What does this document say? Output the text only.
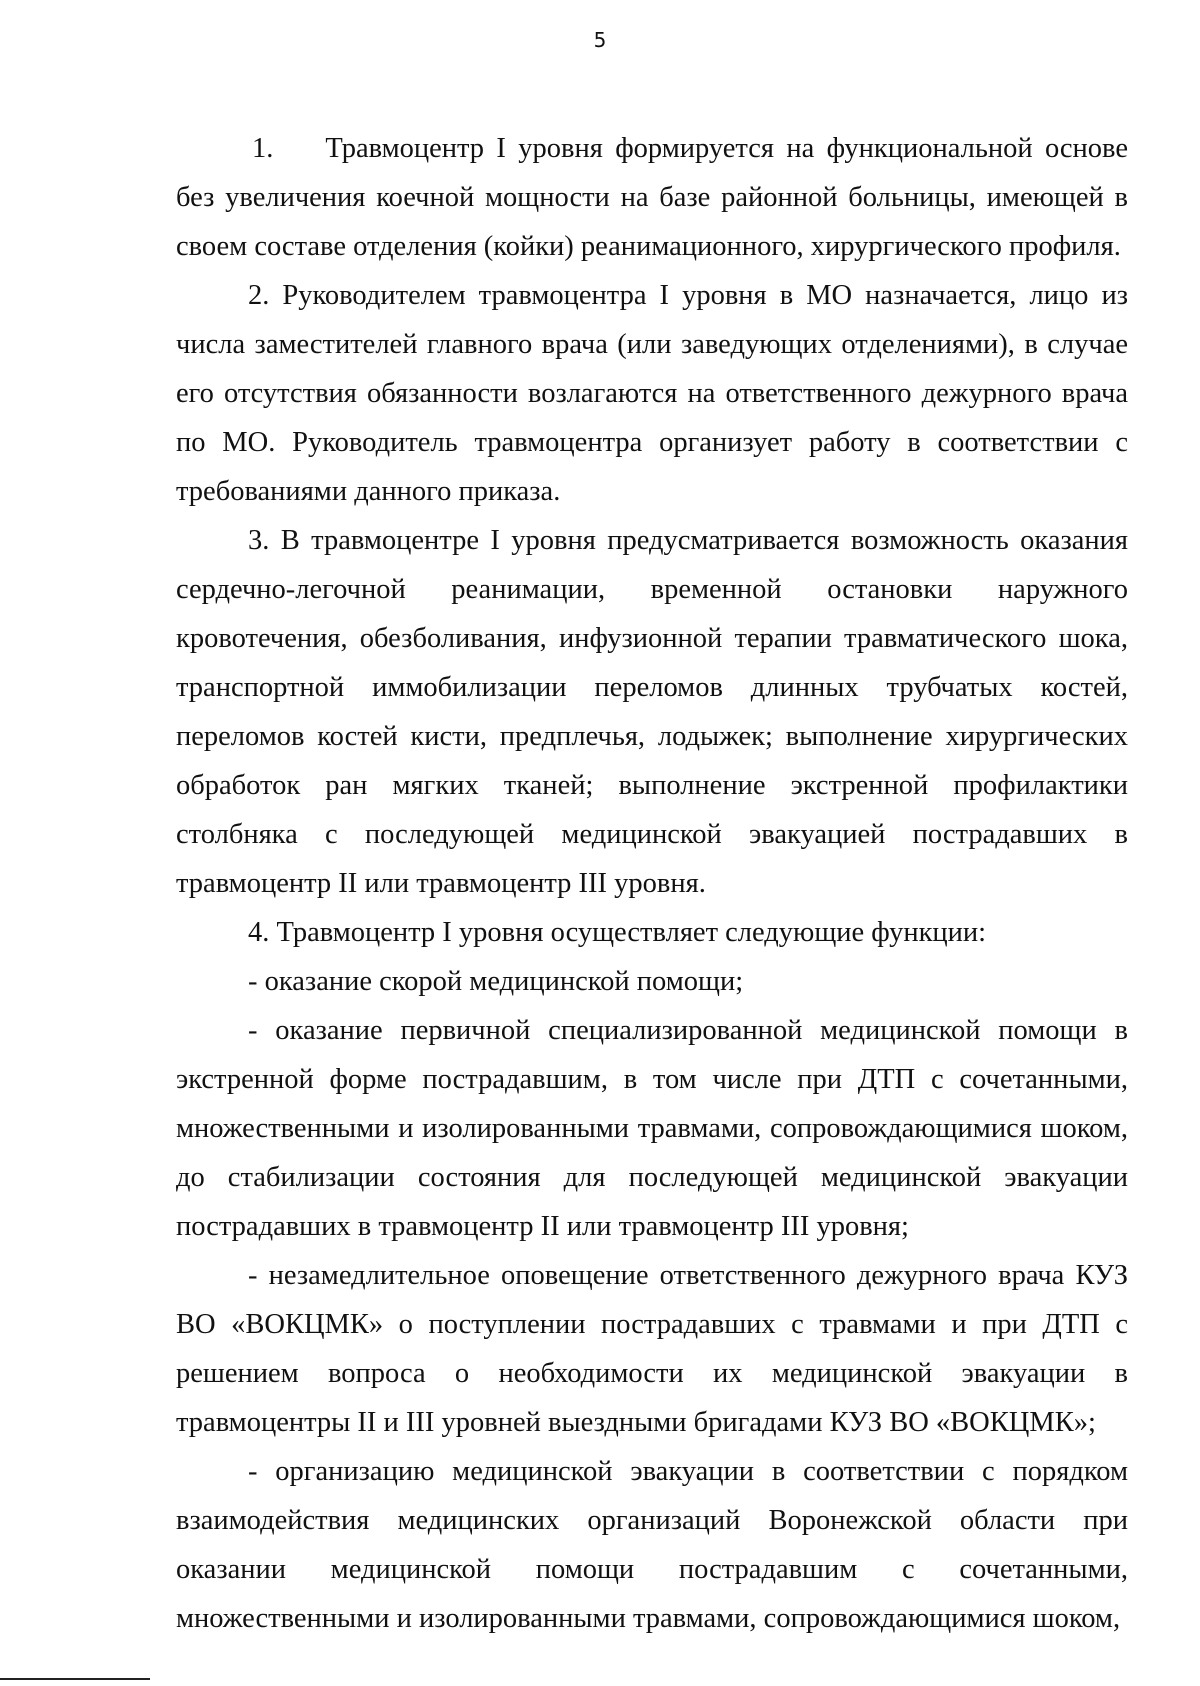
5

1. Травмоцентр I уровня формируется на функциональной основе без увеличения коечной мощности на базе районной больницы, имеющей в своем составе отделения (койки) реанимационного, хирургического профиля.

2. Руководителем травмоцентра I уровня в МО назначается, лицо из числа заместителей главного врача (или заведующих отделениями), в случае его отсутствия обязанности возлагаются на ответственного дежурного врача по МО. Руководитель травмоцентра организует работу в соответствии с требованиями данного приказа.

3. В травмоцентре I уровня предусматривается возможность оказания сердечно-легочной реанимации, временной остановки наружного кровотечения, обезболивания, инфузионной терапии травматического шока, транспортной иммобилизации переломов длинных трубчатых костей, переломов костей кисти, предплечья, лодыжек; выполнение хирургических обработок ран мягких тканей; выполнение экстренной профилактики столбняка с последующей медицинской эвакуацией пострадавших в травмоцентр II или травмоцентр III уровня.

4. Травмоцентр I уровня осуществляет следующие функции:

- оказание скорой медицинской помощи;

- оказание первичной специализированной медицинской помощи в экстренной форме пострадавшим, в том числе при ДТП с сочетанными, множественными и изолированными травмами, сопровождающимися шоком, до стабилизации состояния для последующей медицинской эвакуации пострадавших в травмоцентр II или травмоцентр III уровня;

- незамедлительное оповещение ответственного дежурного врача КУЗ ВО «ВОКЦМК» о поступлении пострадавших с травмами и при ДТП с решением вопроса о необходимости их медицинской эвакуации в травмоцентры II и III уровней выездными бригадами КУЗ ВО «ВОКЦМК»;

- организацию медицинской эвакуации в соответствии с порядком взаимодействия медицинских организаций Воронежской области при оказании медицинской помощи пострадавшим с сочетанными, множественными и изолированными травмами, сопровождающимися шоком,
